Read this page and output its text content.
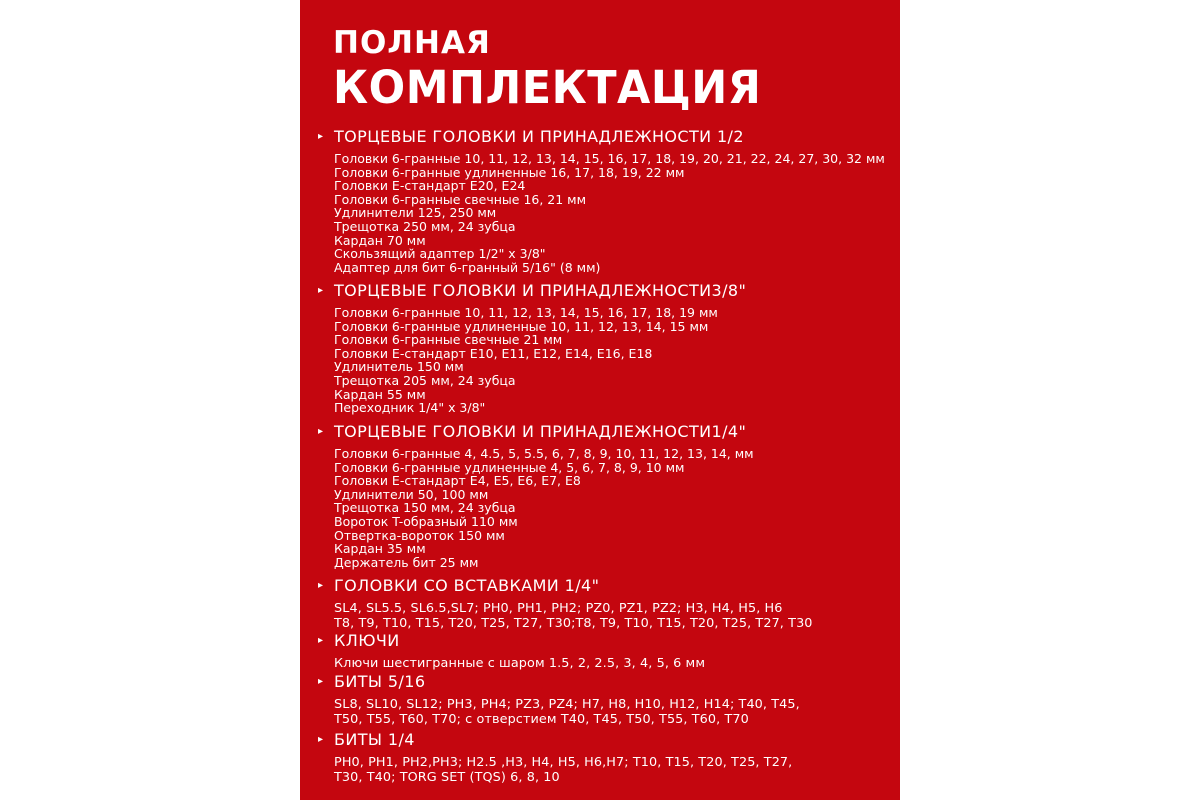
ПОЛНАЯ
КОМПЛЕКТАЦИЯ
▸ ТОРЦЕВЫЕ ГОЛОВКИ И ПРИНАДЛЕЖНОСТИ 1/2
Головки 6-гранные 10, 11, 12, 13, 14, 15, 16, 17, 18, 19, 20, 21, 22, 24, 27, 30, 32 мм
Головки 6-гранные удлиненные 16, 17, 18, 19, 22 мм
Головки E-стандарт E20, E24
Головки 6-гранные свечные 16, 21 мм
Удлинители 125, 250 мм
Трещотка 250 мм, 24 зубца
Кардан 70 мм
Скользящий адаптер 1/2" x 3/8"
Адаптер для бит 6-гранный 5/16" (8 мм)
▸ ТОРЦЕВЫЕ ГОЛОВКИ И ПРИНАДЛЕЖНОСТИ3/8"
Головки 6-гранные 10, 11, 12, 13, 14, 15, 16, 17, 18, 19 мм
Головки 6-гранные удлиненные 10, 11, 12, 13, 14, 15 мм
Головки 6-гранные свечные 21 мм
Головки E-стандарт E10, E11, E12, E14, E16, E18
Удлинитель 150 мм
Трещотка 205 мм, 24 зубца
Кардан 55 мм
Переходник 1/4" x 3/8"
▸ ТОРЦЕВЫЕ ГОЛОВКИ И ПРИНАДЛЕЖНОСТИ1/4"
Головки 6-гранные 4, 4.5, 5, 5.5, 6, 7, 8, 9, 10, 11, 12, 13, 14, мм
Головки 6-гранные удлиненные 4, 5, 6, 7, 8, 9, 10 мм
Головки E-стандарт E4, E5, E6, E7, E8
Удлинители 50, 100 мм
Трещотка 150 мм, 24 зубца
Вороток T-образный 110 мм
Отвертка-вороток 150 мм
Кардан 35 мм
Держатель бит 25 мм
▸ ГОЛОВКИ СО ВСТАВКАМИ 1/4"
SL4, SL5.5, SL6.5,SL7; PH0, PH1, PH2; PZ0, PZ1, PZ2; H3, H4, H5, H6
T8, T9, T10, T15, T20, T25, T27, T30;T8, T9, T10, T15, T20, T25, T27, T30
▸ КЛЮЧИ
Ключи шестигранные с шаром 1.5, 2, 2.5, 3, 4, 5, 6 мм
▸ БИТЫ 5/16
SL8, SL10, SL12; PH3, PH4; PZ3, PZ4; H7, H8, H10, H12, H14; T40, T45,
T50, T55, T60, T70; с отверстием T40, T45, T50, T55, T60, T70
▸ БИТЫ 1/4
PH0, PH1, PH2,PH3; H2.5 ,H3, H4, H5, H6,H7; T10, T15, T20, T25, T27,
T30, T40; TORG SET (TQS) 6, 8, 10
